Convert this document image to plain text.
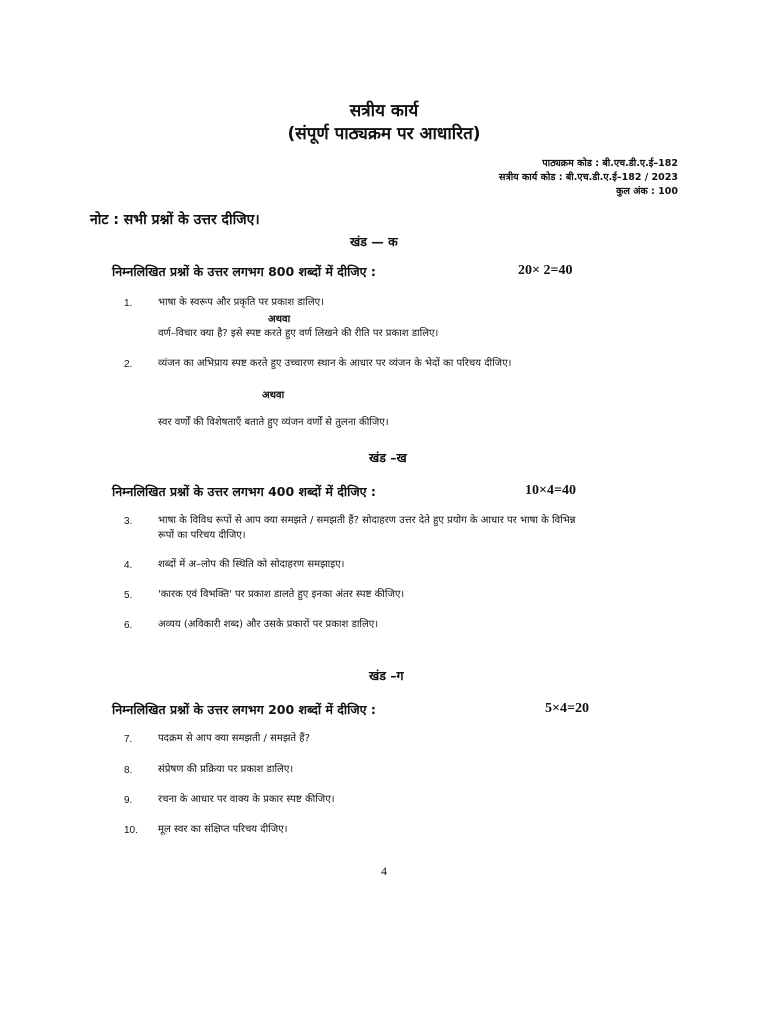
सत्रीय कार्य
(संपूर्ण पाठ्यक्रम पर आधारित)
पाठ्यक्रम कोड : बी.एच.डी.ए.ई–182
सत्रीय कार्य कोड : बी.एच.डी.ए.ई–182 / 2023
कुल अंक : 100
नोट : सभी प्रश्नों के उत्तर दीजिए।
खंड — क
निम्नलिखित प्रश्नों के उत्तर लगभग 800 शब्दों में दीजिए :	20× 2=40
1.	भाषा के स्वरूप और प्रकृति पर प्रकाश डालिए।
अथवा
वर्ण–विचार क्या है? इसे स्पष्ट करते हुए वर्ण लिखने की रीति पर प्रकाश डालिए।
2.	व्यंजन का अभिप्राय स्पष्ट करते हुए उच्चारण स्थान के आधार पर व्यंजन के भेदों का परिचय दीजिए।
अथवा
स्वर वर्णों की विशेषताएँ बताते हुए व्यंजन वर्णों से तुलना कीजिए।
खंड –ख
निम्नलिखित प्रश्नों के उत्तर लगभग 400 शब्दों में दीजिए :	10×4=40
3.	भाषा के विविध रूपों से आप क्या समझते / समझती हैं? सोदाहरण उत्तर देते हुए प्रयोग के आधार पर भाषा के विभिन्न रूपों का परिचय दीजिए।
4.	शब्दों में अ–लोप की स्थिति को सोदाहरण समझाइए।
5.	'कारक एवं विभक्ति' पर प्रकाश डालते हुए इनका अंतर स्पष्ट कीजिए।
6.	अव्यय (अविकारी शब्द) और उसके प्रकारों पर प्रकाश डालिए।
खंड –ग
निम्नलिखित प्रश्नों के उत्तर लगभग 200 शब्दों में दीजिए :	5×4=20
7.	पदक्रम से आप क्या समझती / समझते हैं?
8.	संप्रेषण की प्रक्रिया पर प्रकाश डालिए।
9.	रचना के आधार पर वाक्य के प्रकार स्पष्ट कीजिए।
10. मूल स्वर का संक्षिप्त परिचय दीजिए।
4
